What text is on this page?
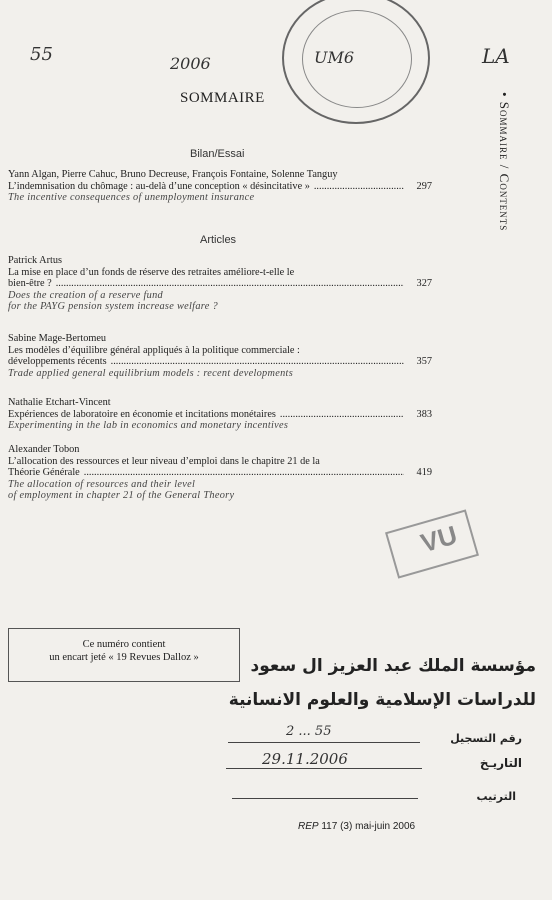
55	2006	LA
UM6
SOMMAIRE	• Sommaire / Contents
Bilan/Essai
Yann Algan, Pierre Cahuc, Bruno Decreuse, François Fontaine, Solenne Tanguy
L’indemnisation du chômage : au-delà d’une conception « désincitative » .....	297
The incentive consequences of unemployment insurance
Articles
Patrick Artus
La mise en place d’un fonds de réserve des retraites améliore-t-elle le
bien-être ? .....	327
Does the creation of a reserve fund
for the PAYG pension system increase welfare ?
Sabine Mage-Bertomeu
Les modèles d’équilibre général appliqués à la politique commerciale :
développements récents .....	357
Trade applied general equilibrium models : recent developments
Nathalie Etchart-Vincent
Expériences de laboratoire en économie et incitations monétaires .....	383
Experimenting in the lab in economics and monetary incentives
Alexander Tobon
L’allocation des ressources et leur niveau d’emploi dans le chapitre 21 de la
Théorie Générale .....	419
The allocation of resources and their level
of employment in chapter 21 of the General Theory
VU
Ce numéro contient
un encart jeté « 19 Revues Dalloz »	مؤسسة الملك عبد العزيز ال سعود
للدراسات الإسلامية والعلوم الانسانية
رقم التسجيل
2 ... 55
التاريـخ
29.11.2006
الترتيب
REP 117 (3) mai-juin 2006
